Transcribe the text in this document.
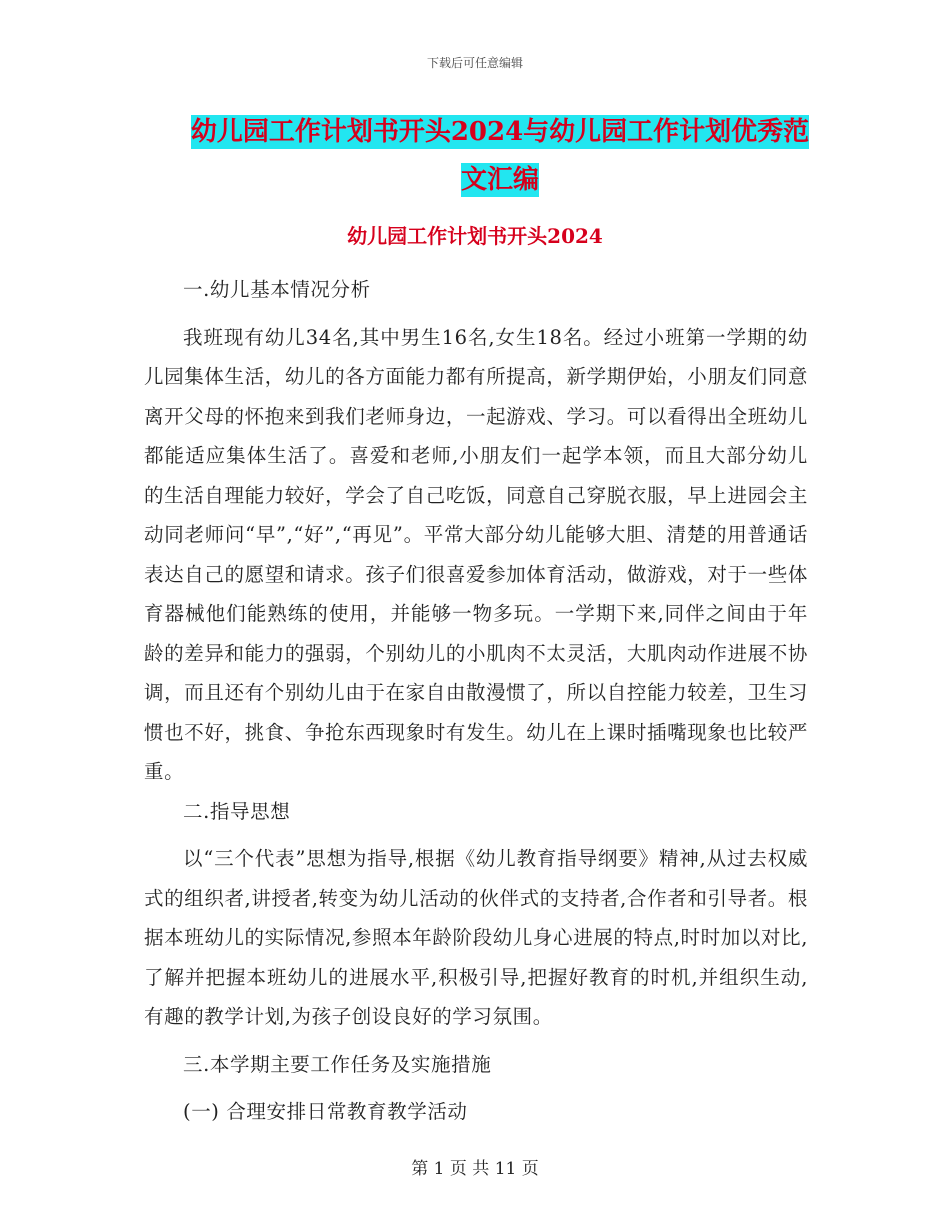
下载后可任意编辑
幼儿园工作计划书开头2024与幼儿园工作计划优秀范
文汇编
幼儿园工作计划书开头2024

一.幼儿基本情况分析

我班现有幼儿34名,其中男生16名,女生18名。经过小班第一学期的幼儿园集体生活，幼儿的各方面能力都有所提高，新学期伊始，小朋友们同意离开父母的怀抱来到我们老师身边，一起游戏、学习。可以看得出全班幼儿都能适应集体生活了。喜爱和老师,小朋友们一起学本领，而且大部分幼儿的生活自理能力较好，学会了自己吃饭，同意自己穿脱衣服，早上进园会主动同老师问“早”,“好”,“再见”。平常大部分幼儿能够大胆、清楚的用普通话表达自己的愿望和请求。孩子们很喜爱参加体育活动，做游戏，对于一些体育器械他们能熟练的使用，并能够一物多玩。一学期下来,同伴之间由于年龄的差异和能力的强弱，个别幼儿的小肌肉不太灵活，大肌肉动作进展不协调，而且还有个别幼儿由于在家自由散漫惯了，所以自控能力较差，卫生习惯也不好，挑食、争抢东西现象时有发生。幼儿在上课时插嘴现象也比较严重。

二.指导思想

以“三个代表”思想为指导,根据《幼儿教育指导纲要》精神,从过去权威式的组织者,讲授者,转变为幼儿活动的伙伴式的支持者,合作者和引导者。根据本班幼儿的实际情况,参照本年龄阶段幼儿身心进展的特点,时时加以对比,了解并把握本班幼儿的进展水平,积极引导,把握好教育的时机,并组织生动,有趣的教学计划,为孩子创设良好的学习氛围。

三.本学期主要工作任务及实施措施

(一) 合理安排日常教育教学活动

第 1 页 共 11 页
